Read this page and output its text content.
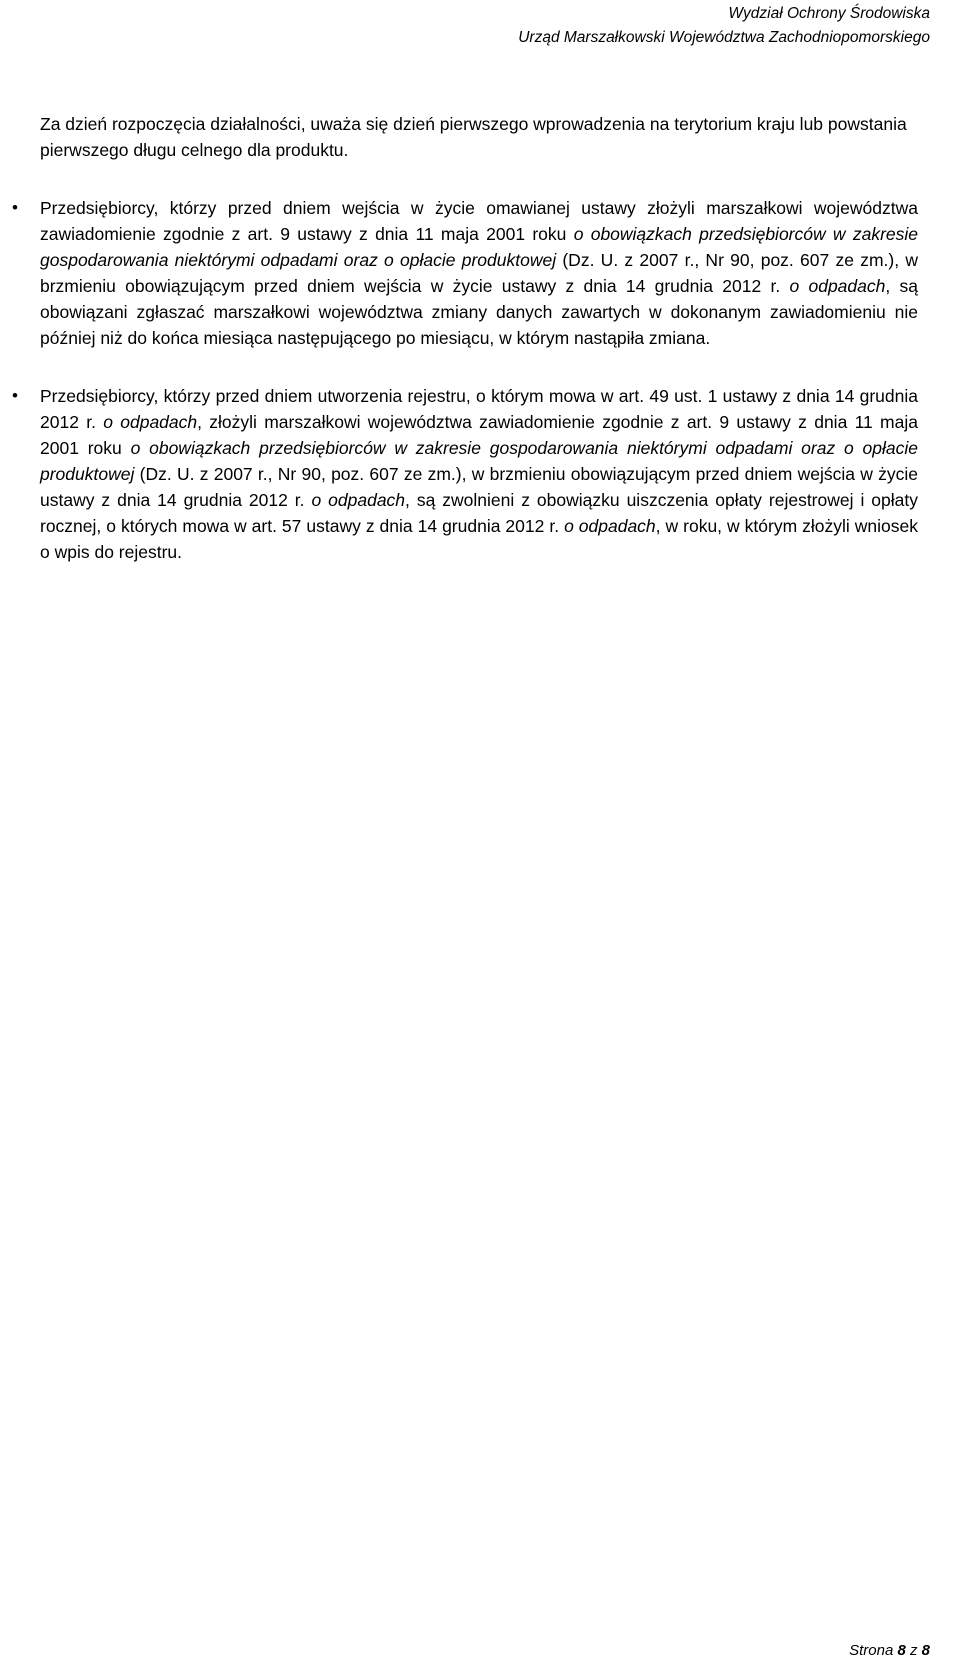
Wydział Ochrony Środowiska
Urząd Marszałkowski Województwa Zachodniopomorskiego

Za dzień rozpoczęcia działalności, uważa się dzień pierwszego wprowadzenia na terytorium kraju lub powstania pierwszego długu celnego dla produktu.

• Przedsiębiorcy, którzy przed dniem wejścia w życie omawianej ustawy złożyli marszałkowi województwa zawiadomienie zgodnie z art. 9 ustawy z dnia 11 maja 2001 roku o obowiązkach przedsiębiorców w zakresie gospodarowania niektórymi odpadami oraz o opłacie produktowej (Dz. U. z 2007 r., Nr 90, poz. 607 ze zm.), w brzmieniu obowiązującym przed dniem wejścia w życie ustawy z dnia 14 grudnia 2012 r. o odpadach, są obowiązani zgłaszać marszałkowi województwa zmiany danych zawartych w dokonanym zawiadomieniu nie później niż do końca miesiąca następującego po miesiącu, w którym nastąpiła zmiana.
• Przedsiębiorcy, którzy przed dniem utworzenia rejestru, o którym mowa w art. 49 ust. 1 ustawy z dnia 14 grudnia 2012 r. o odpadach, złożyli marszałkowi województwa zawiadomienie zgodnie z art. 9 ustawy z dnia 11 maja 2001 roku o obowiązkach przedsiębiorców w zakresie gospodarowania niektórymi odpadami oraz o opłacie produktowej (Dz. U. z 2007 r., Nr 90, poz. 607 ze zm.), w brzmieniu obowiązującym przed dniem wejścia w życie ustawy z dnia 14 grudnia 2012 r. o odpadach, są zwolnieni z obowiązku uiszczenia opłaty rejestrowej i opłaty rocznej, o których mowa w art. 57 ustawy z dnia 14 grudnia 2012 r. o odpadach, w roku, w którym złożyli wniosek o wpis do rejestru.
Strona 8 z 8
